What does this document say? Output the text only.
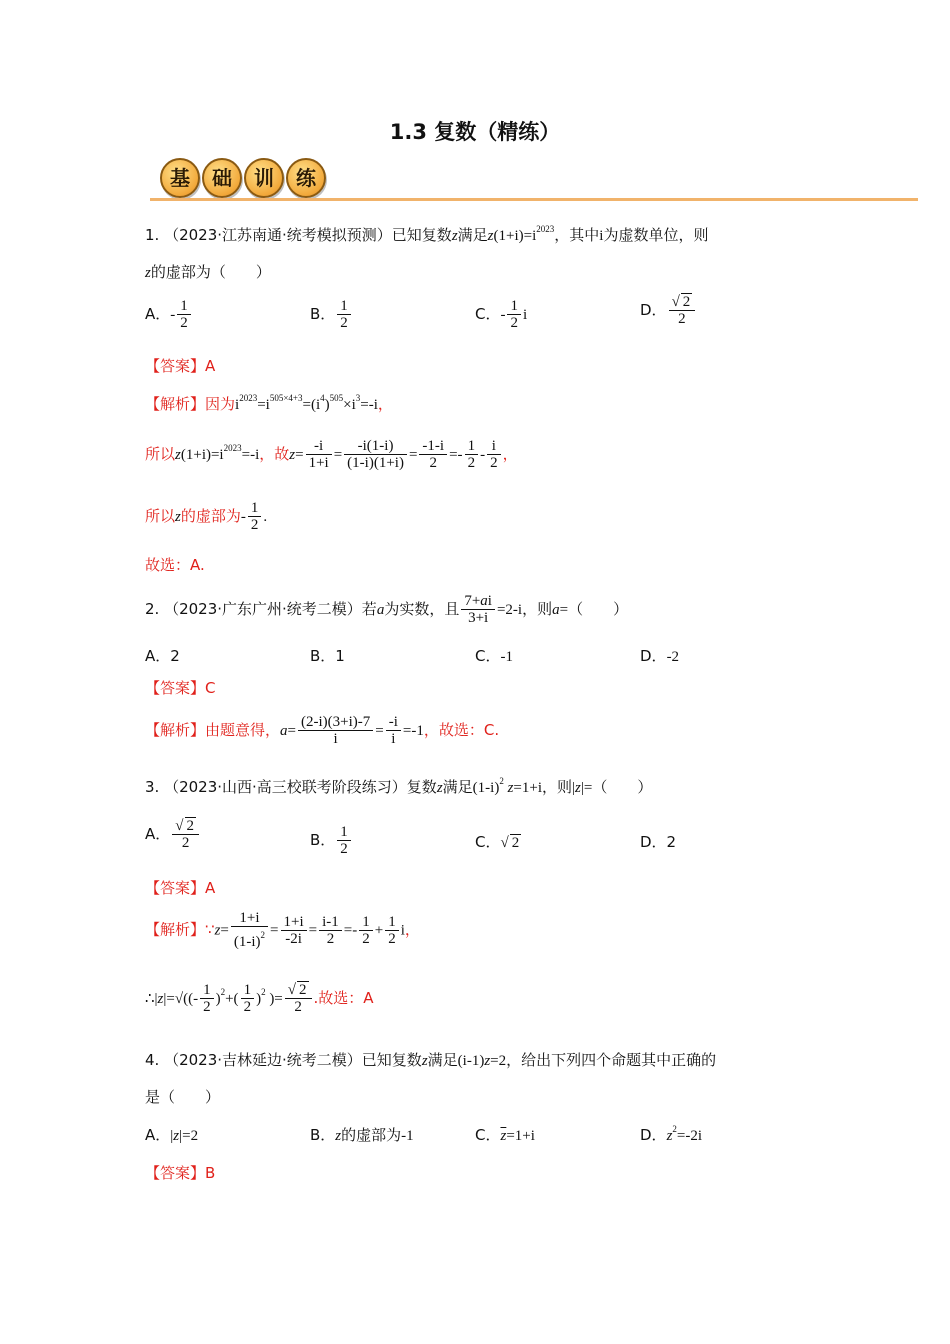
1.3 复数（精练）
基 础 训 练
1. （2023·江苏南通·统考模拟预测）已知复数z满足$z(1+i)=i^{2023}$，其中i为虚数单位，则
z的虚部为（　　）
A．- $\frac{1}{2}$	B． $\frac{1}{2}$	C．- $\frac{1}{2}$ i	D． $\frac{√ 2}{2}$
【答案】A
【解析】因为$i^{2023}=i^{505\times 4+3}=(i^4)^{505}\times i^3=-i$，
所以$z(1+i)=i^{2023}=-i$，故$z= \frac{-i}{1+i} = \frac{-i(1-i)}{(1-i)(1+i)} = \frac{-1-i}{2} =- \frac{1}{2} - \frac{i}{2}$ ，
所以z的虚部为- $\frac{1}{2}$ .
故选：A.
2. （2023·广东广州·统考二模）若a为实数，且 $\frac{7+ai}{3+i} =2-i$，则a=（　　）
A．2	B．1	C．-1	D．-2
【答案】C
【解析】由题意得，$a= \frac{(2-i)(3+i)-7}{i} = \frac{-i}{i} =-1$，故选：C.
3. （2023·山西·高三校联考阶段练习）复数z满足$(1-i)^2$ z=1+i，则|z|=（　　）
A． $\frac{√ 2}{2}$	B． $\frac{1}{2}$	C．√ 2	D．2
【答案】A
【解析】∵z= $\frac{1+i}{(1-i)^2} = \frac{1+i}{-2i} = \frac{i-1}{2} =- \frac{1}{2} + \frac{1}{2}$ i，
∴|z|=√((- $\frac{1}{2} )^2+( \frac{1}{2} )^2$ )= $\frac{√ 2}{2}$ .故选：A
4. （2023·吉林延边·统考二模）已知复数z满足(i-1)z=2，给出下列四个命题其中正确的
是（　　）
A．|z|=2	B．z的虚部为-1	C．$\overline{z}=1+i$	D．$z^2=-2i$
【答案】B
